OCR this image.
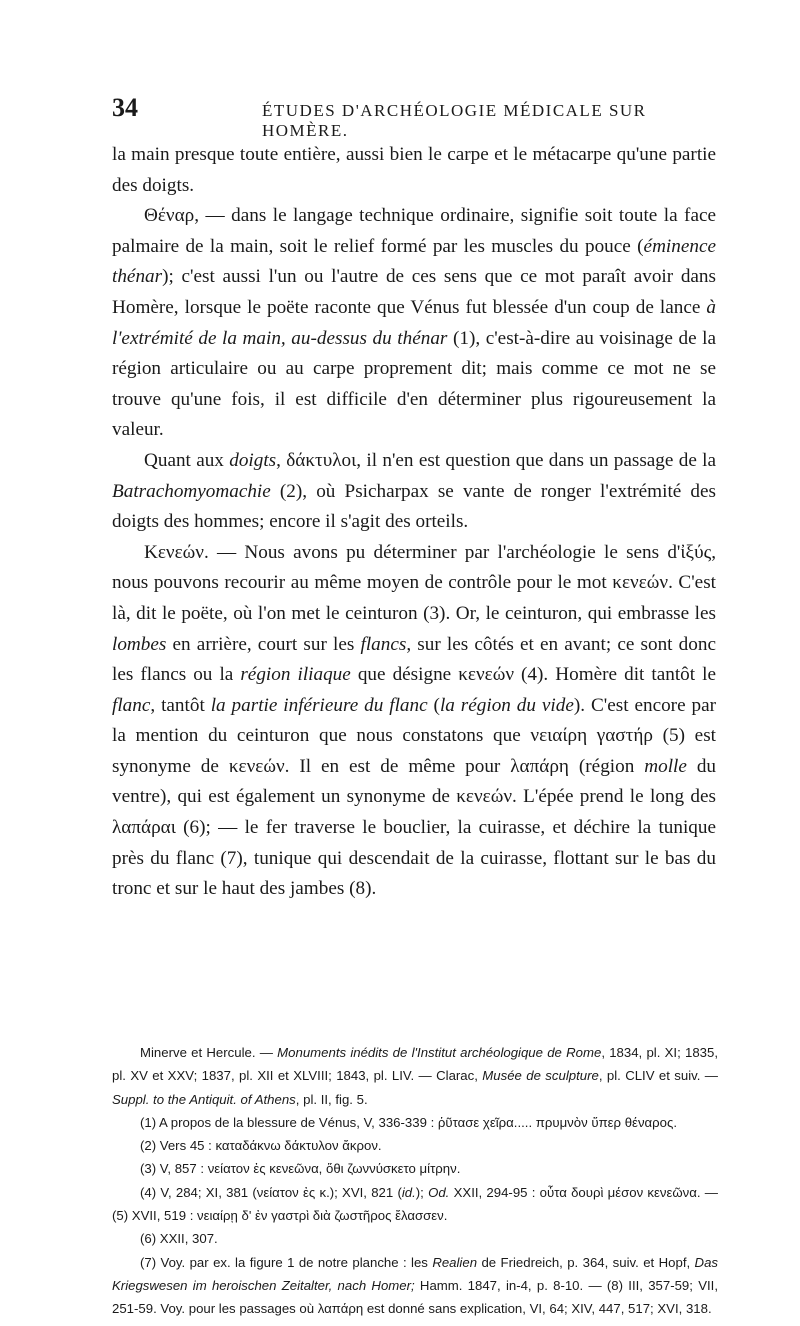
34	ÉTUDES D'ARCHÉOLOGIE MÉDICALE SUR HOMÈRE.

la main presque toute entière, aussi bien le carpe et le métacarpe qu'une partie des doigts.

Θέναρ, — dans le langage technique ordinaire, signifie soit toute la face palmaire de la main, soit le relief formé par les muscles du pouce (éminence thénar); c'est aussi l'un ou l'autre de ces sens que ce mot paraît avoir dans Homère, lorsque le poëte raconte que Vénus fut blessée d'un coup de lance à l'extrémité de la main, au-dessus du thénar (1), c'est-à-dire au voisinage de la région articulaire ou au carpe proprement dit; mais comme ce mot ne se trouve qu'une fois, il est difficile d'en déterminer plus rigoureusement la valeur.

Quant aux doigts, δάκτυλοι, il n'en est question que dans un passage de la Batrachomyomachie (2), où Psicharpax se vante de ronger l'extrémité des doigts des hommes; encore il s'agit des orteils.

Κενεών. — Nous avons pu déterminer par l'archéologie le sens d'ἰξύς, nous pouvons recourir au même moyen de contrôle pour le mot κενεών. C'est là, dit le poëte, où l'on met le ceinturon (3). Or, le ceinturon, qui embrasse les lombes en arrière, court sur les flancs, sur les côtés et en avant; ce sont donc les flancs ou la région iliaque que désigne κενεών (4). Homère dit tantôt le flanc, tantôt la partie inférieure du flanc (la région du vide). C'est encore par la mention du ceinturon que nous constatons que νειαίρη γαστήρ (5) est synonyme de κενεών. Il en est de même pour λαπάρη (région molle du ventre), qui est également un synonyme de κενεών. L'épée prend le long des λαπάραι (6); — le fer traverse le bouclier, la cuirasse, et déchire la tunique près du flanc (7), tunique qui descendait de la cuirasse, flottant sur le bas du tronc et sur le haut des jambes (8).

Minerve et Hercule. — Monuments inédits de l'Institut archéologique de Rome, 1834, pl. XI; 1835, pl. XV et XXV; 1837, pl. XII et XLVIII; 1843, pl. LIV. — Clarac, Musée de sculpture, pl. CLIV et suiv. — Suppl. to the Antiquit. of Athens, pl. II, fig. 5.

(1) A propos de la blessure de Vénus, V, 336-339 : ῥῦτασε χεῖρα..... πρυμνὸν ὕπερ θέναρος.

(2) Vers 45 : καταδάκνω δάκτυλον ἄκρον.

(3) V, 857 : νείατον ἐς κενεῶνα, ὅθι ζωννύσκετο μίτρην.

(4) V, 284; XI, 381 (νείατον ἐς κ.); XVI, 821 (id.); Od. XXII, 294-95 : οὖτα δουρὶ μέσον κενεῶνα. — (5) XVII, 519 : νειαίρῃ δ' ἐν γαστρὶ διὰ ζωστῆρος ἔλασσεν.

(6) XXII, 307.

(7) Voy. par ex. la figure 1 de notre planche : les Realien de Friedreich, p. 364, suiv. et Hopf, Das Kriegswesen im heroischen Zeitalter, nach Homer; Hamm. 1847, in-4, p. 8-10. — (8) III, 357-59; VII, 251-59. Voy. pour les passages où λαπάρη est donné sans explication, VI, 64; XIV, 447, 517; XVI, 318.
